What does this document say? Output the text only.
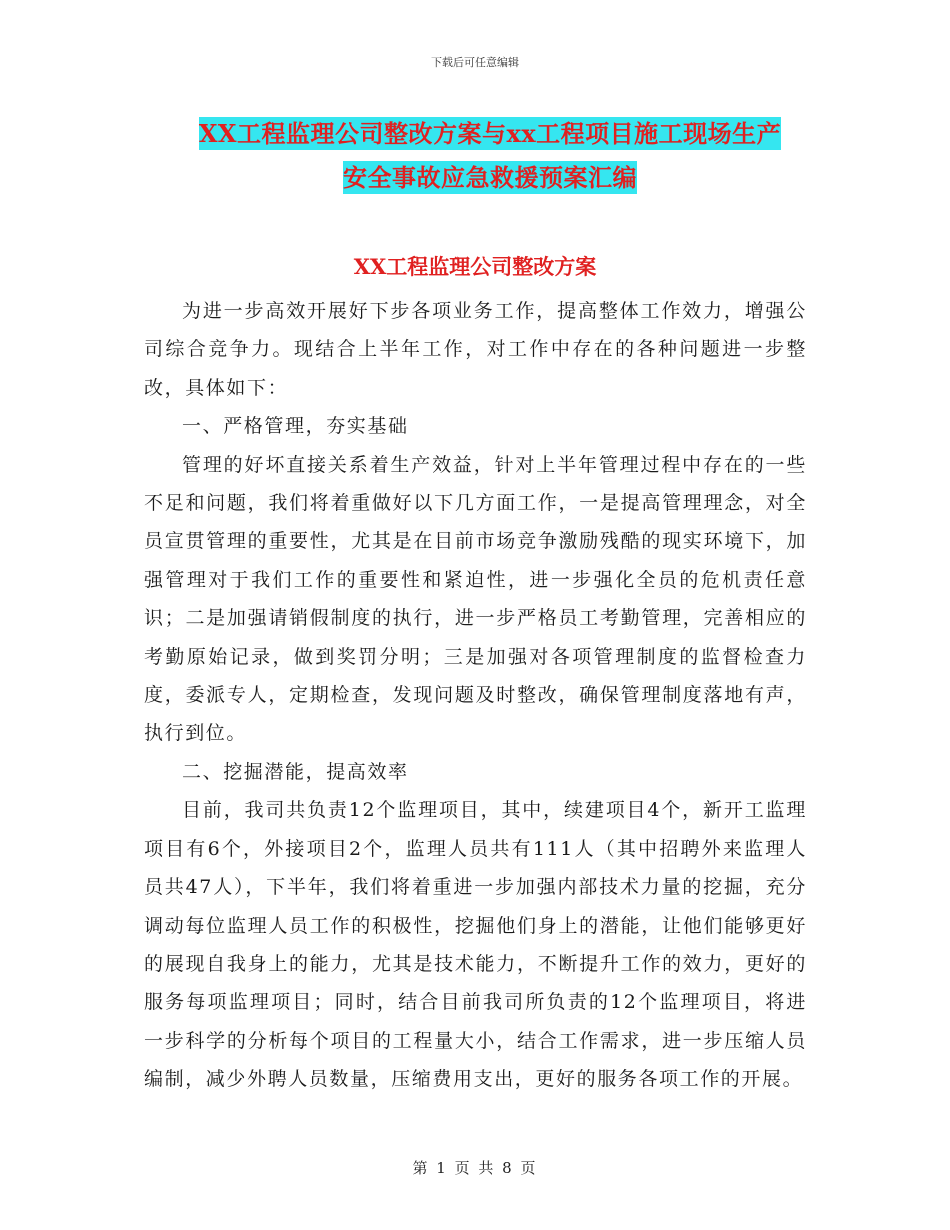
下载后可任意编辑
XX工程监理公司整改方案与xx工程项目施工现场生产
安全事故应急救援预案汇编
XX工程监理公司整改方案

为进一步高效开展好下步各项业务工作，提高整体工作效力，增强公司综合竞争力。现结合上半年工作，对工作中存在的各种问题进一步整改，具体如下：

一、严格管理，夯实基础

管理的好坏直接关系着生产效益，针对上半年管理过程中存在的一些不足和问题，我们将着重做好以下几方面工作，一是提高管理理念，对全员宣贯管理的重要性，尤其是在目前市场竞争激励残酷的现实环境下，加强管理对于我们工作的重要性和紧迫性，进一步强化全员的危机责任意识；二是加强请销假制度的执行，进一步严格员工考勤管理，完善相应的考勤原始记录，做到奖罚分明；三是加强对各项管理制度的监督检查力度，委派专人，定期检查，发现问题及时整改，确保管理制度落地有声，执行到位。

二、挖掘潜能，提高效率

目前，我司共负责12个监理项目，其中，续建项目4个，新开工监理项目有6个，外接项目2个，监理人员共有111人（其中招聘外来监理人员共47人），下半年，我们将着重进一步加强内部技术力量的挖掘，充分调动每位监理人员工作的积极性，挖掘他们身上的潜能，让他们能够更好的展现自我身上的能力，尤其是技术能力，不断提升工作的效力，更好的服务每项监理项目；同时，结合目前我司所负责的12个监理项目，将进一步科学的分析每个项目的工程量大小，结合工作需求，进一步压缩人员编制，减少外聘人员数量，压缩费用支出，更好的服务各项工作的开展。

第 1 页 共 8 页
